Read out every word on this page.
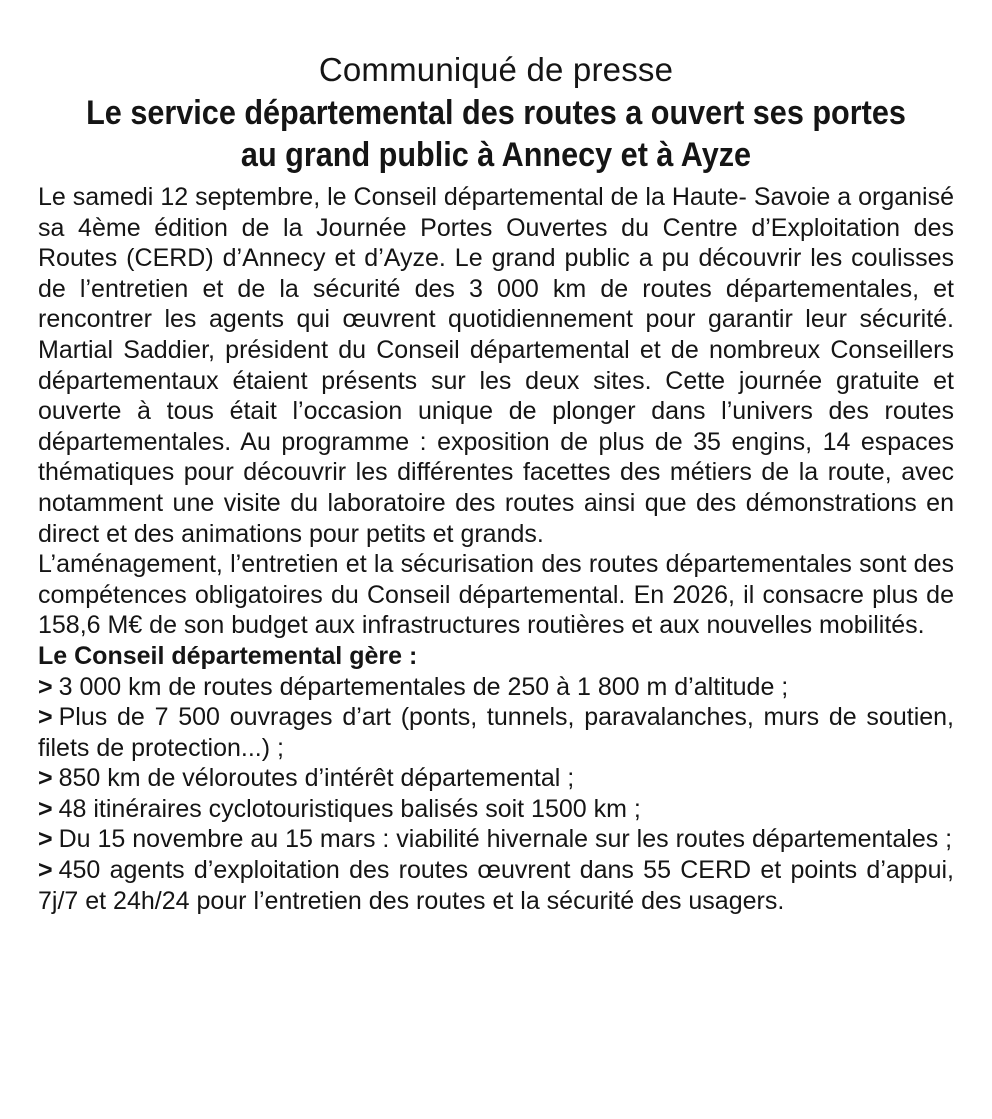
Communiqué de presse
Le service départemental des routes a ouvert ses portes
au grand public à Annecy et à Ayze

Le samedi 12 septembre, le Conseil départemental de la Haute- Savoie a organisé sa 4ème édition de la Journée Portes Ouvertes du Centre d’Exploitation des Routes (CERD) d’Annecy et d’Ayze. Le grand public a pu découvrir les coulisses de l’entretien et de la sécurité des 3 000 km de routes départementales, et rencontrer les agents qui œuvrent quotidiennement pour garantir leur sécurité. Martial Saddier, président du Conseil départemental et de nombreux Conseillers départementaux étaient présents sur les deux sites. Cette journée gratuite et ouverte à tous était l’occasion unique de plonger dans l’univers des routes départementales. Au programme : exposition de plus de 35 engins, 14 espaces thématiques pour découvrir les différentes facettes des métiers de la route, avec notamment une visite du laboratoire des routes ainsi que des démonstrations en direct et des animations pour petits et grands.

L’aménagement, l’entretien et la sécurisation des routes départementales sont des compétences obligatoires du Conseil départemental. En 2026, il consacre plus de 158,6 M€ de son budget aux infrastructures routières et aux nouvelles mobilités.

Le Conseil départemental gère :

> 3 000 km de routes départementales de 250 à 1 800 m d’altitude ;
> Plus de 7 500 ouvrages d’art (ponts, tunnels, paravalanches, murs de soutien, filets de protection...) ;
> 850 km de véloroutes d’intérêt départemental ;
> 48 itinéraires cyclotouristiques balisés soit 1500 km ;
> Du 15 novembre au 15 mars : viabilité hivernale sur les routes départementales ;
> 450 agents d’exploitation des routes œuvrent dans 55 CERD et points d’appui, 7j/7 et 24h/24 pour l’entretien des routes et la sécurité des usagers.
